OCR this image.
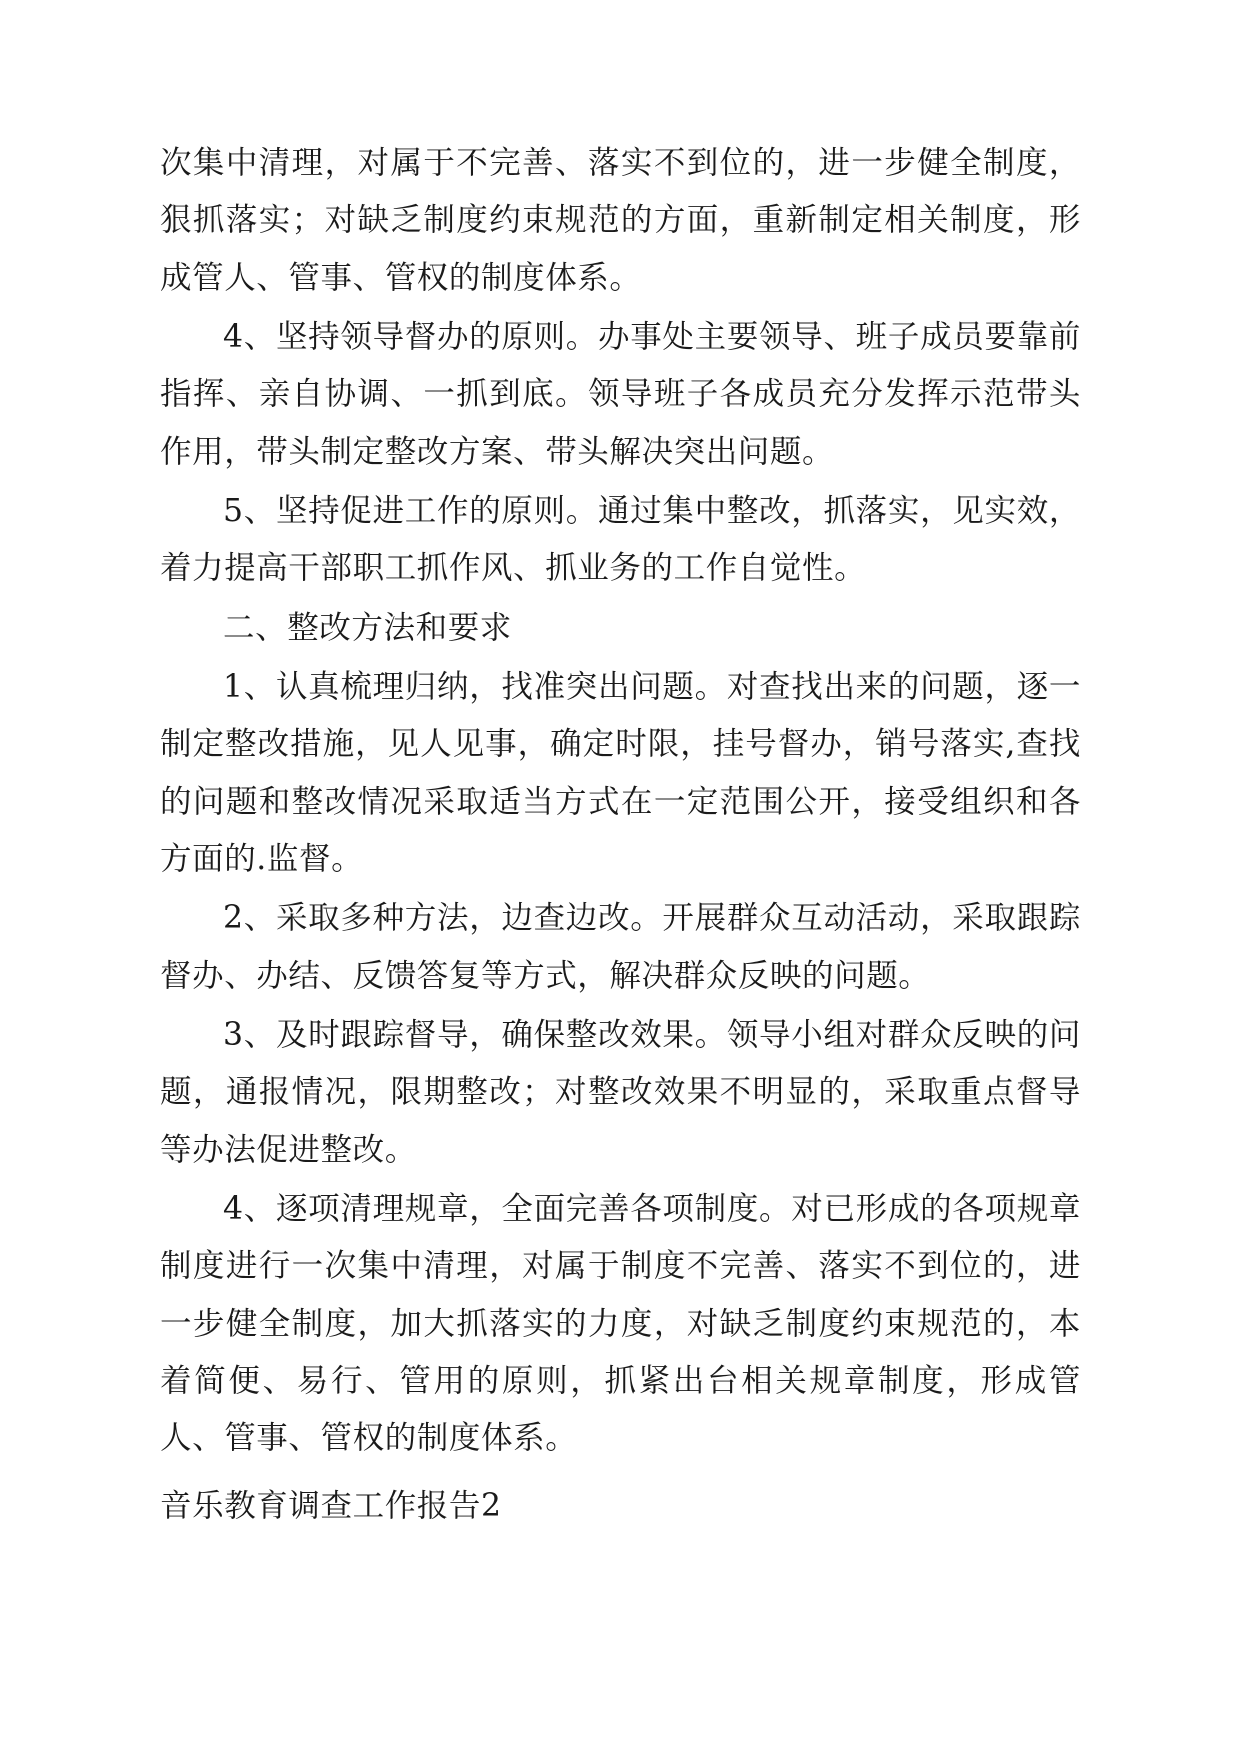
次集中清理，对属于不完善、落实不到位的，进一步健全制度，狠抓落实；对缺乏制度约束规范的方面，重新制定相关制度，形成管人、管事、管权的制度体系。

4、坚持领导督办的原则。办事处主要领导、班子成员要靠前指挥、亲自协调、一抓到底。领导班子各成员充分发挥示范带头作用，带头制定整改方案、带头解决突出问题。

5、坚持促进工作的原则。通过集中整改，抓落实，见实效，着力提高干部职工抓作风、抓业务的工作自觉性。

二、整改方法和要求

1、认真梳理归纳，找准突出问题。对查找出来的问题，逐一制定整改措施，见人见事，确定时限，挂号督办，销号落实,查找的问题和整改情况采取适当方式在一定范围公开，接受组织和各方面的.监督。

2、采取多种方法，边查边改。开展群众互动活动，采取跟踪督办、办结、反馈答复等方式，解决群众反映的问题。

3、及时跟踪督导，确保整改效果。领导小组对群众反映的问题，通报情况，限期整改；对整改效果不明显的，采取重点督导等办法促进整改。

4、逐项清理规章，全面完善各项制度。对已形成的各项规章制度进行一次集中清理，对属于制度不完善、落实不到位的，进一步健全制度，加大抓落实的力度，对缺乏制度约束规范的，本着简便、易行、管用的原则，抓紧出台相关规章制度，形成管人、管事、管权的制度体系。

音乐教育调查工作报告2
